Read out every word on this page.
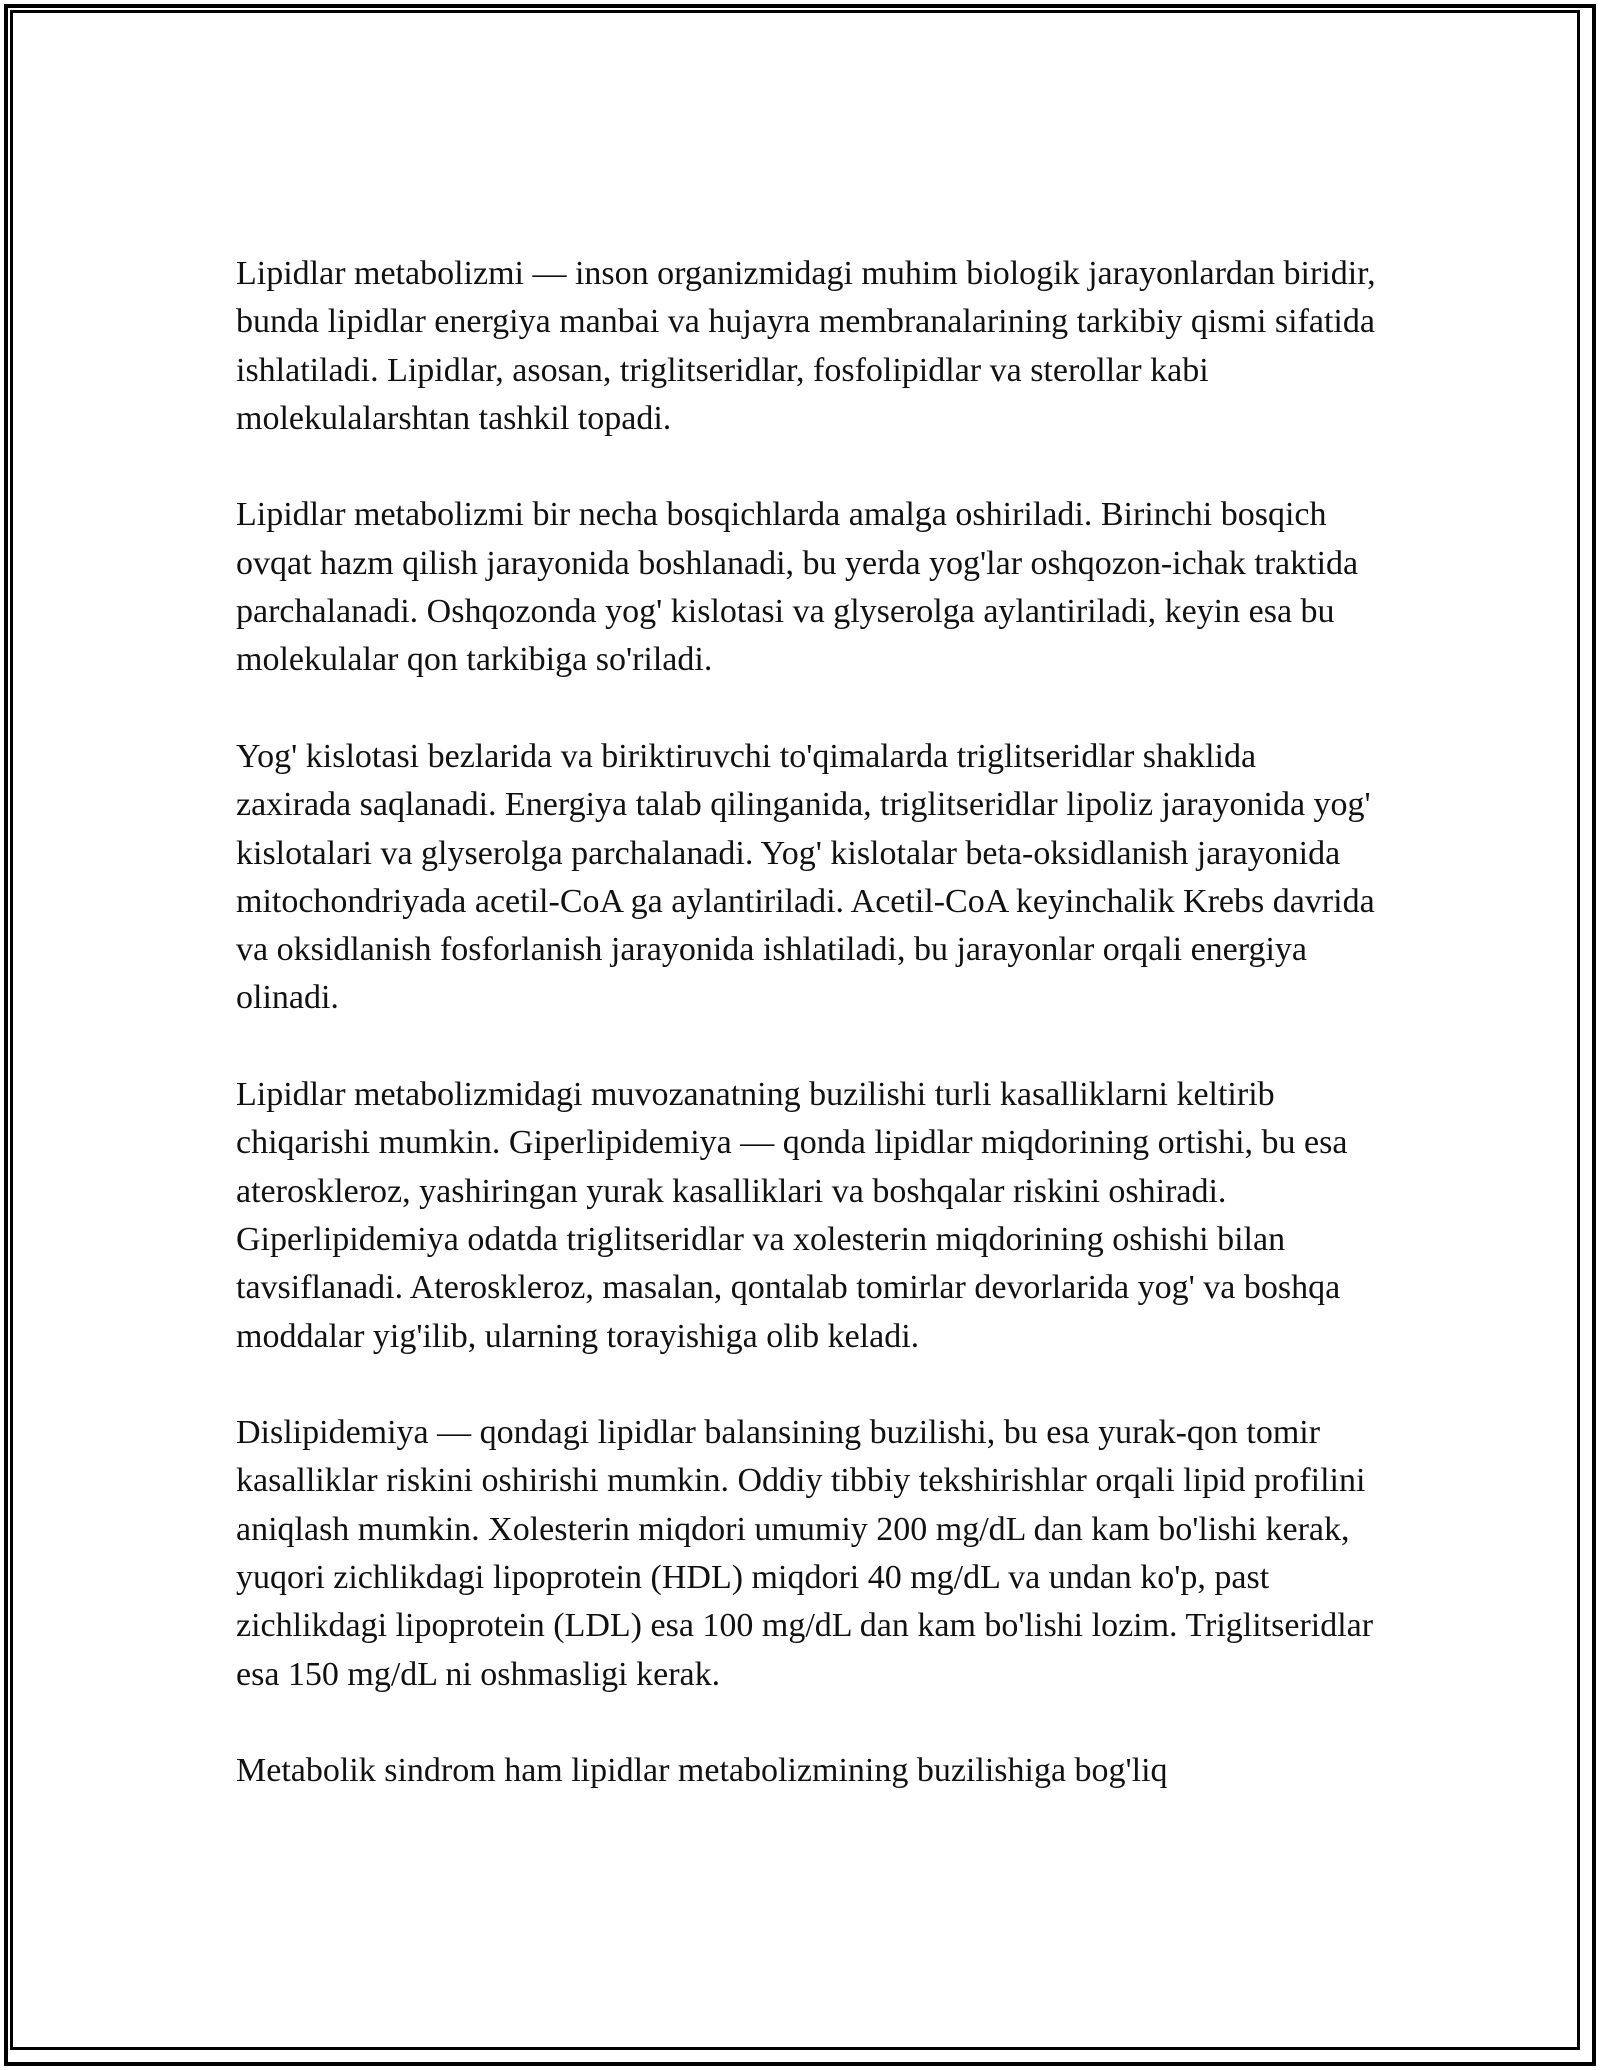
Lipidlar metabolizmi — inson organizmidagi muhim biologik jarayonlardan biridir, bunda lipidlar energiya manbai va hujayra membranalarining tarkibiy qismi sifatida ishlatiladi. Lipidlar, asosan, triglitseridlar, fosfolipidlar va sterollar kabi molekulalarshtan tashkil topadi.

Lipidlar metabolizmi bir necha bosqichlarda amalga oshiriladi. Birinchi bosqich ovqat hazm qilish jarayonida boshlanadi, bu yerda yog'lar oshqozon-ichak traktida parchalanadi. Oshqozonda yog' kislotasi va glyserolga aylantiriladi, keyin esa bu molekulalar qon tarkibiga so'riladi.

Yog' kislotasi bezlarida va biriktiruvchi to'qimalarda triglitseridlar shaklida zaxirada saqlanadi. Energiya talab qilinganida, triglitseridlar lipoliz jarayonida yog' kislotalari va glyserolga parchalanadi. Yog' kislotalar beta-oksidlanish jarayonida mitochondriyada acetil-CoA ga aylantiriladi. Acetil-CoA keyinchalik Krebs davrida va oksidlanish fosforlanish jarayonida ishlatiladi, bu jarayonlar orqali energiya olinadi.

Lipidlar metabolizmidagi muvozanatning buzilishi turli kasalliklarni keltirib chiqarishi mumkin. Giperlipidemiya — qonda lipidlar miqdorining ortishi, bu esa ateroskleroz, yashiringan yurak kasalliklari va boshqalar riskini oshiradi. Giperlipidemiya odatda triglitseridlar va xolesterin miqdorining oshishi bilan tavsiflanadi. Ateroskleroz, masalan, qontalab tomirlar devorlarida yog' va boshqa moddalar yig'ilib, ularning torayishiga olib keladi.

Dislipidemiya — qondagi lipidlar balansining buzilishi, bu esa yurak-qon tomir kasalliklar riskini oshirishi mumkin. Oddiy tibbiy tekshirishlar orqali lipid profilini aniqlash mumkin. Xolesterin miqdori umumiy 200 mg/dL dan kam bo'lishi kerak, yuqori zichlikdagi lipoprotein (HDL) miqdori 40 mg/dL va undan ko'p, past zichlikdagi lipoprotein (LDL) esa 100 mg/dL dan kam bo'lishi lozim. Triglitseridlar esa 150 mg/dL ni oshmasligi kerak.

Metabolik sindrom ham lipidlar metabolizmining buzilishiga bog'liq
